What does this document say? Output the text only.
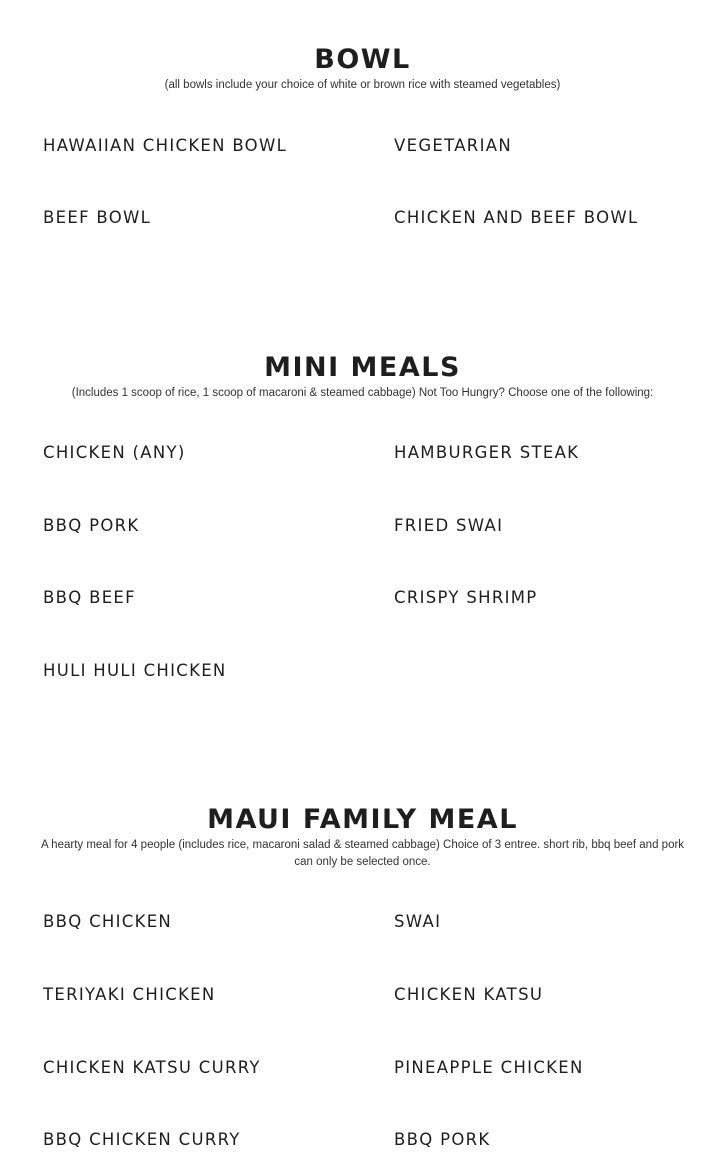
BOWL

(all bowls include your choice of white or brown rice with steamed vegetables)

HAWAIIAN CHICKEN BOWL	VEGETARIAN
BEEF BOWL	CHICKEN AND BEEF BOWL
MINI MEALS

(Includes 1 scoop of rice, 1 scoop of macaroni & steamed cabbage) Not Too Hungry? Choose one of the following:

CHICKEN (ANY)	HAMBURGER STEAK
BBQ PORK	FRIED SWAI
BBQ BEEF	CRISPY SHRIMP
HULI HULI CHICKEN
MAUI FAMILY MEAL

A hearty meal for 4 people (includes rice, macaroni salad & steamed cabbage) Choice of 3 entree. short rib, bbq beef and pork can only be selected once.

BBQ CHICKEN	SWAI
TERIYAKI CHICKEN	CHICKEN KATSU
CHICKEN KATSU CURRY	PINEAPPLE CHICKEN
BBQ CHICKEN CURRY	BBQ PORK
